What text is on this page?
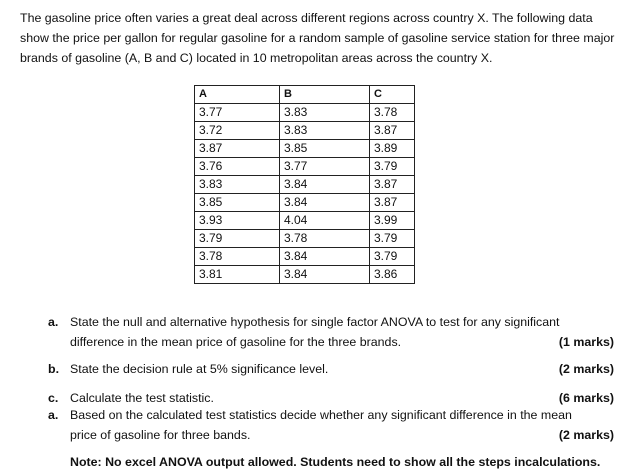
The gasoline price often varies a great deal across different regions across country X. The following data show the price per gallon for regular gasoline for a random sample of gasoline service station for three major brands of gasoline (A, B and C) located in 10 metropolitan areas across the country X.

A	B	C
3.77	3.83	3.78
3.72	3.83	3.87
3.87	3.85	3.89
3.76	3.77	3.79
3.83	3.84	3.87
3.85	3.84	3.87
3.93	4.04	3.99
3.79	3.78	3.79
3.78	3.84	3.79
3.81	3.84	3.86
a. State the null and alternative hypothesis for single factor ANOVA to test for any significant
difference in the mean price of gasoline for the three brands.	(1 marks)
b. State the decision rule at 5% significance level.	(2 marks)
c. Calculate the test statistic.	(6 marks)
a. Based on the calculated test statistics decide whether any significant difference in the mean
price of gasoline for three bands.	(2 marks)

Note: No excel ANOVA output allowed. Students need to show all the steps incalculations.
